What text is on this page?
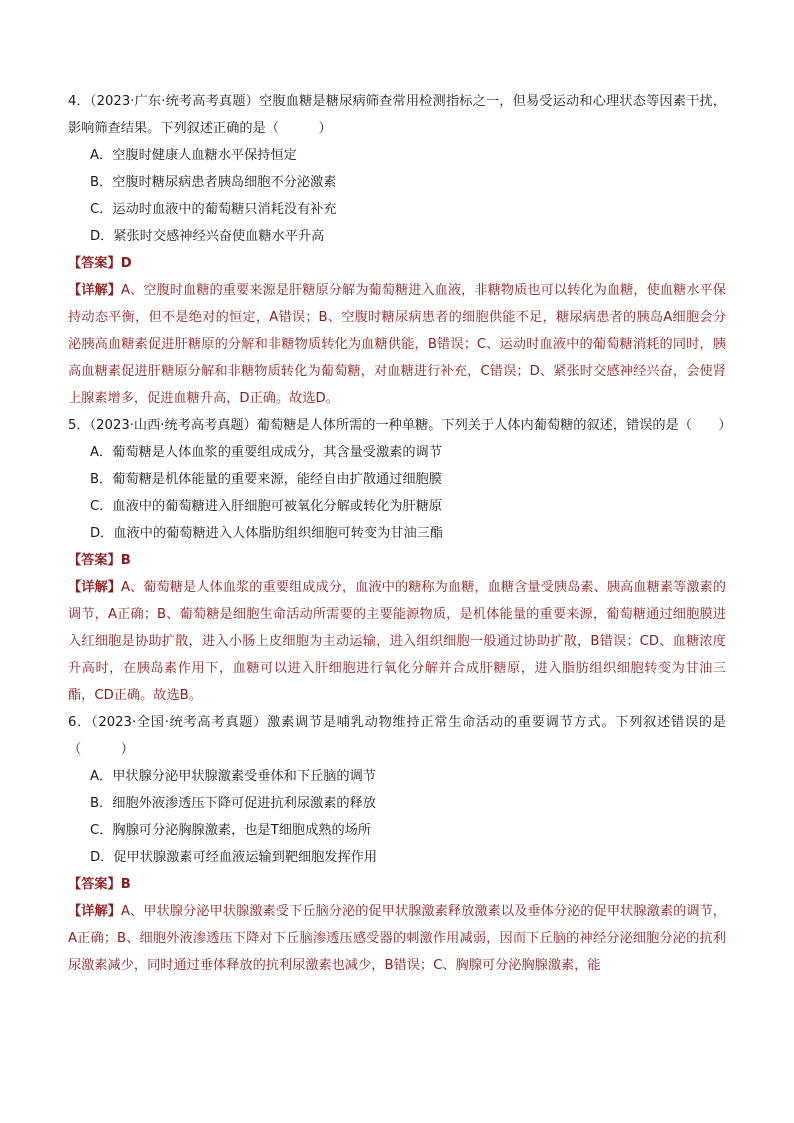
4．（2023·广东·统考高考真题）空腹血糖是糖尿病筛查常用检测指标之一，但易受运动和心理状态等因素干扰，影响筛查结果。下列叙述正确的是（　　　）

A．空腹时健康人血糖水平保持恒定

B．空腹时糖尿病患者胰岛细胞不分泌激素

C．运动时血液中的葡萄糖只消耗没有补充

D．紧张时交感神经兴奋使血糖水平升高

【答案】D

【详解】A、空腹时血糖的重要来源是肝糖原分解为葡萄糖进入血液，非糖物质也可以转化为血糖，使血糖水平保持动态平衡，但不是绝对的恒定，A错误；B、空腹时糖尿病患者的细胞供能不足，糖尿病患者的胰岛A细胞会分泌胰高血糖素促进肝糖原的分解和非糖物质转化为血糖供能，B错误；C、运动时血液中的葡萄糖消耗的同时，胰高血糖素促进肝糖原分解和非糖物质转化为葡萄糖，对血糖进行补充，C错误；D、紧张时交感神经兴奋，会使肾上腺素增多，促进血糖升高，D正确。故选D。

5．（2023·山西·统考高考真题）葡萄糖是人体所需的一种单糖。下列关于人体内葡萄糖的叙述，错误的是（　　）

A．葡萄糖是人体血浆的重要组成成分，其含量受激素的调节

B．葡萄糖是机体能量的重要来源，能经自由扩散通过细胞膜

C．血液中的葡萄糖进入肝细胞可被氧化分解或转化为肝糖原

D．血液中的葡萄糖进入人体脂肪组织细胞可转变为甘油三酯

【答案】B

【详解】A、葡萄糖是人体血浆的重要组成成分，血液中的糖称为血糖，血糖含量受胰岛素、胰高血糖素等激素的调节，A正确；B、葡萄糖是细胞生命活动所需要的主要能源物质，是机体能量的重要来源，葡萄糖通过细胞膜进入红细胞是协助扩散，进入小肠上皮细胞为主动运输，进入组织细胞一般通过协助扩散，B错误；CD、血糖浓度升高时，在胰岛素作用下，血糖可以进入肝细胞进行氧化分解并合成肝糖原，进入脂肪组织细胞转变为甘油三酯，CD正确。故选B。

6．（2023·全国·统考高考真题）激素调节是哺乳动物维持正常生命活动的重要调节方式。下列叙述错误的是（　　　）

A．甲状腺分泌甲状腺激素受垂体和下丘脑的调节

B．细胞外液渗透压下降可促进抗利尿激素的释放

C．胸腺可分泌胸腺激素，也是T细胞成熟的场所

D．促甲状腺激素可经血液运输到靶细胞发挥作用

【答案】B

【详解】A、甲状腺分泌甲状腺激素受下丘脑分泌的促甲状腺激素释放激素以及垂体分泌的促甲状腺激素的调节，A正确；B、细胞外液渗透压下降对下丘脑渗透压感受器的刺激作用减弱，因而下丘脑的神经分泌细胞分泌的抗利尿激素减少，同时通过垂体释放的抗利尿激素也减少，B错误；C、胸腺可分泌胸腺激素，能
